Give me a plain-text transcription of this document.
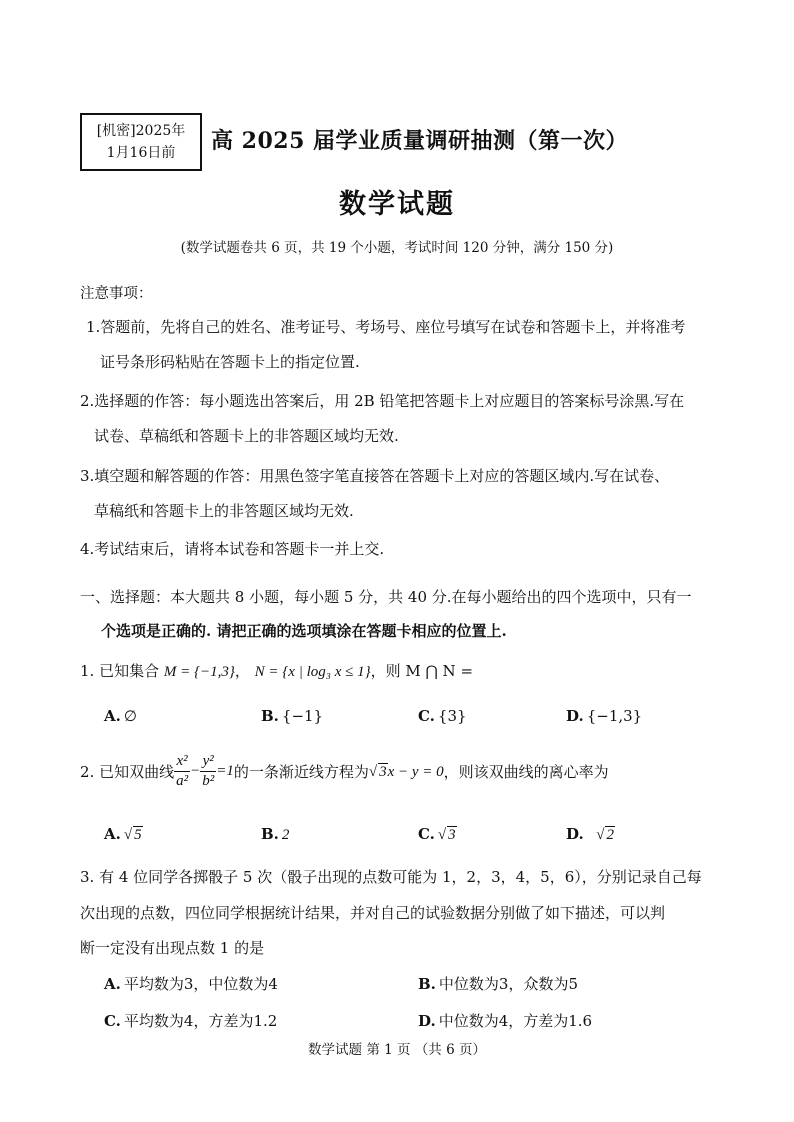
[机密]2025年
1月16日前 高 2025 届学业质量调研抽测（第一次）
数学试题
(数学试题卷共 6 页，共 19 个小题，考试时间 120 分钟，满分 150 分)
注意事项：
1.答题前，先将自己的姓名、准考证号、考场号、座位号填写在试卷和答题卡上，并将准考
证号条形码粘贴在答题卡上的指定位置.
2.选择题的作答：每小题选出答案后，用 2B 铅笔把答题卡上对应题目的答案标号涂黑.写在
试卷、草稿纸和答题卡上的非答题区域均无效.
3.填空题和解答题的作答：用黑色签字笔直接答在答题卡上对应的答题区域内.写在试卷、
草稿纸和答题卡上的非答题区域均无效.
4.考试结束后，请将本试卷和答题卡一并上交.
一、选择题：本大题共 8 小题，每小题 5 分，共 40 分.在每小题给出的四个选项中，只有一
个选项是正确的. 请把正确的选项填涂在答题卡相应的位置上.
1. 已知集合 M = {−1,3}， N = {x | log₃ x ≤ 1}，则 M ⋂ N =
A. ∅	B. {−1}	C. {3}	D. {−1,3}
2. 已知双曲线 $\frac{\text{x²}}{\text{a²}} - \frac{\text{y²}}{\text{b²}} =1$ 的一条渐近线方程为 √ 3x − y = 0 ，则该双曲线的离心率为
A. √ 5	B. 2	C. √ 3	D. √ 2
3. 有 4 位同学各掷骰子 5 次（骰子出现的点数可能为 1，2，3，4，5，6），分别记录自己每
次出现的点数，四位同学根据统计结果，并对自己的试验数据分别做了如下描述，可以判
断一定没有出现点数 1 的是
A. 平均数为3，中位数为4	B. 中位数为3，众数为5
C. 平均数为4，方差为1.2	D. 中位数为4，方差为1.6
数学试题 第 1 页 （共 6 页）
